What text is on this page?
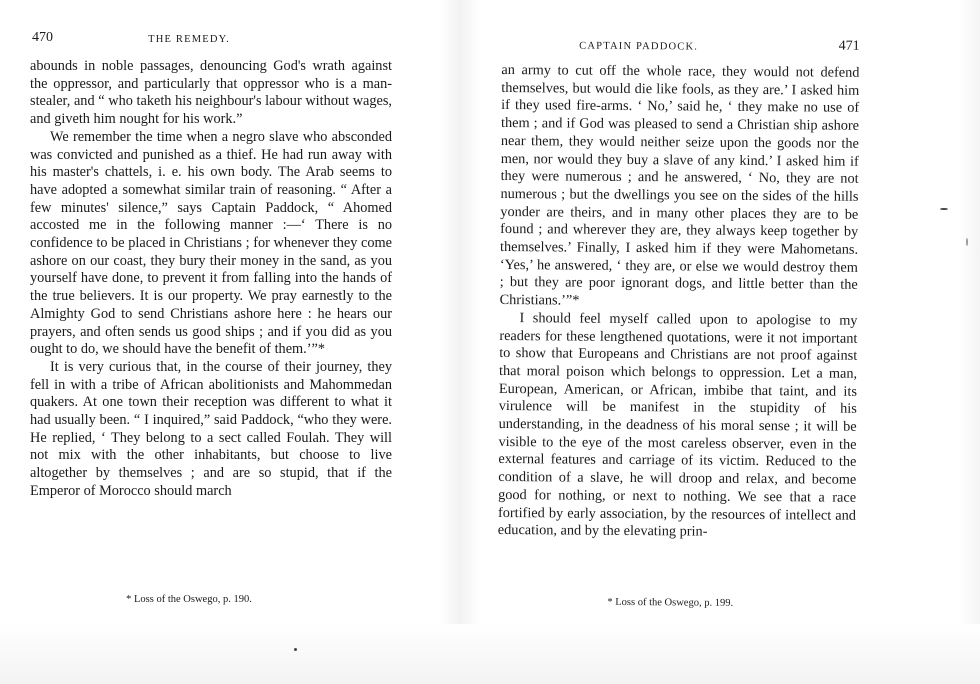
470	THE REMEDY.

abounds in noble passages, denouncing God's wrath against the oppressor, and particularly that oppressor who is a man-stealer, and “ who taketh his neighbour's labour without wages, and giveth him nought for his work.”

We remember the time when a negro slave who absconded was convicted and punished as a thief. He had run away with his master's chattels, i. e. his own body. The Arab seems to have adopted a somewhat similar train of reasoning. “ After a few minutes' silence,” says Captain Paddock, “ Ahomed accosted me in the following manner :—‘ There is no confidence to be placed in Christians ; for whenever they come ashore on our coast, they bury their money in the sand, as you yourself have done, to prevent it from falling into the hands of the true believers. It is our property. We pray earnestly to the Almighty God to send Christians ashore here : he hears our prayers, and often sends us good ships ; and if you did as you ought to do, we should have the benefit of them.’”*

It is very curious that, in the course of their journey, they fell in with a tribe of African abolitionists and Mahommedan quakers. At one town their reception was different to what it had usually been. “ I inquired,” said Paddock, “who they were. He replied, ‘ They belong to a sect called Foulah. They will not mix with the other inhabitants, but choose to live altogether by themselves ; and are so stupid, that if the Emperor of Morocco should march

* Loss of the Oswego, p. 190.
CAPTAIN PADDOCK.	471

an army to cut off the whole race, they would not defend themselves, but would die like fools, as they are.’ I asked him if they used fire-arms. ‘ No,’ said he, ‘ they make no use of them ; and if God was pleased to send a Christian ship ashore near them, they would neither seize upon the goods nor the men, nor would they buy a slave of any kind.’ I asked him if they were numerous ; and he answered, ‘ No, they are not numerous ; but the dwellings you see on the sides of the hills yonder are theirs, and in many other places they are to be found ; and wherever they are, they always keep together by themselves.’ Finally, I asked him if they were Mahometans. ‘Yes,’ he answered, ‘ they are, or else we would destroy them ; but they are poor ignorant dogs, and little better than the Christians.’”*

I should feel myself called upon to apologise to my readers for these lengthened quotations, were it not important to show that Europeans and Christians are not proof against that moral poison which belongs to oppression. Let a man, European, American, or African, imbibe that taint, and its virulence will be manifest in the stupidity of his understanding, in the deadness of his moral sense ; it will be visible to the eye of the most careless observer, even in the external features and carriage of its victim. Reduced to the condition of a slave, he will droop and relax, and become good for nothing, or next to nothing. We see that a race fortified by early association, by the resources of intellect and education, and by the elevating prin-

* Loss of the Oswego, p. 199.
